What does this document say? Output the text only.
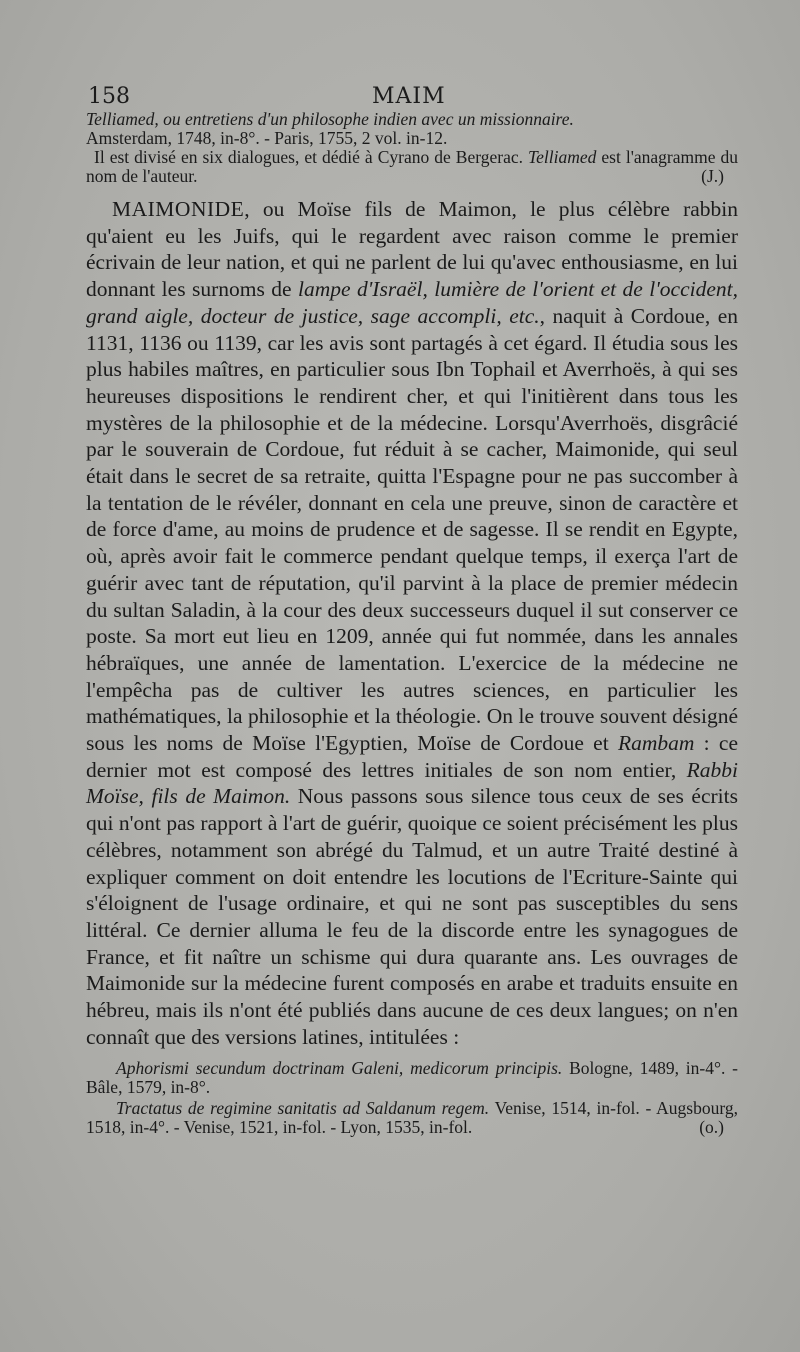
158	MAIM

Telliamed, ou entretiens d'un philosophe indien avec un missionnaire.

Amsterdam, 1748, in-8°. - Paris, 1755, 2 vol. in-12.

Il est divisé en six dialogues, et dédié à Cyrano de Bergerac. Telliamed est l'anagramme du nom de l'auteur.	(J.)

MAIMONIDE, ou Moïse fils de Maimon, le plus célèbre rabbin qu'aient eu les Juifs, qui le regardent avec raison comme le premier écrivain de leur nation, et qui ne parlent de lui qu'avec enthousiasme, en lui donnant les surnoms de lampe d'Israël, lumière de l'orient et de l'occident, grand aigle, docteur de justice, sage accompli, etc., naquit à Cordoue, en 1131, 1136 ou 1139, car les avis sont partagés à cet égard. Il étudia sous les plus habiles maîtres, en particulier sous Ibn Tophail et Averrhoës, à qui ses heureuses dispositions le rendirent cher, et qui l'initièrent dans tous les mystères de la philosophie et de la médecine. Lorsqu'Averrhoës, disgrâcié par le souverain de Cordoue, fut réduit à se cacher, Maimonide, qui seul était dans le secret de sa retraite, quitta l'Espagne pour ne pas succomber à la tentation de le révéler, donnant en cela une preuve, sinon de caractère et de force d'ame, au moins de prudence et de sagesse. Il se rendit en Egypte, où, après avoir fait le commerce pendant quelque temps, il exerça l'art de guérir avec tant de réputation, qu'il parvint à la place de premier médecin du sultan Saladin, à la cour des deux successeurs duquel il sut conserver ce poste. Sa mort eut lieu en 1209, année qui fut nommée, dans les annales hébraïques, une année de lamentation. L'exercice de la médecine ne l'empêcha pas de cultiver les autres sciences, en particulier les mathématiques, la philosophie et la théologie. On le trouve souvent désigné sous les noms de Moïse l'Egyptien, Moïse de Cordoue et Rambam : ce dernier mot est composé des lettres initiales de son nom entier, Rabbi Moïse, fils de Maimon. Nous passons sous silence tous ceux de ses écrits qui n'ont pas rapport à l'art de guérir, quoique ce soient précisément les plus célèbres, notamment son abrégé du Talmud, et un autre Traité destiné à expliquer comment on doit entendre les locutions de l'Ecriture-Sainte qui s'éloignent de l'usage ordinaire, et qui ne sont pas susceptibles du sens littéral. Ce dernier alluma le feu de la discorde entre les synagogues de France, et fit naître un schisme qui dura quarante ans. Les ouvrages de Maimonide sur la médecine furent composés en arabe et traduits ensuite en hébreu, mais ils n'ont été publiés dans aucune de ces deux langues; on n'en connaît que des versions latines, intitulées :

Aphorismi secundum doctrinam Galeni, medicorum principis. Bologne, 1489, in-4°. - Bâle, 1579, in-8°.

Tractatus de regimine sanitatis ad Saldanum regem. Venise, 1514, in-fol. - Augsbourg, 1518, in-4°. - Venise, 1521, in-fol. - Lyon, 1535, in-fol.	(o.)
